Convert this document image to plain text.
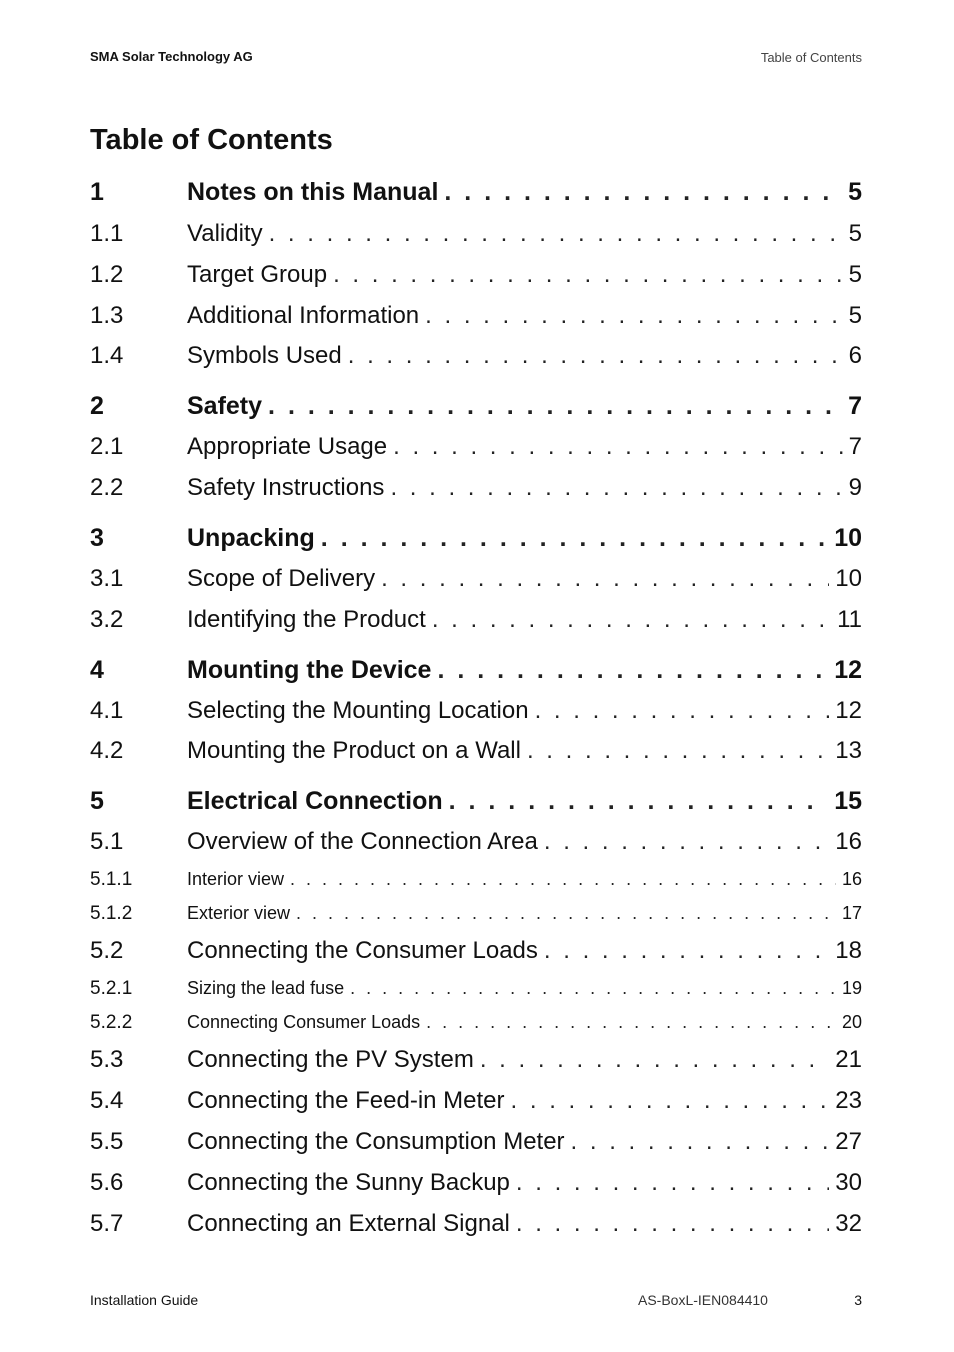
SMA Solar Technology AG	Table of Contents
Table of Contents
1	Notes on this Manual . . .	5
1.1	Validity . . .	5
1.2	Target Group . . .	5
1.3	Additional Information . . .	5
1.4	Symbols Used . . .	6
2	Safety . . .	7
2.1	Appropriate Usage . . .	7
2.2	Safety Instructions . . .	9
3	Unpacking . . .	10
3.1	Scope of Delivery . . .	10
3.2	Identifying the Product . . .	11
4	Mounting the Device . . .	12
4.1	Selecting the Mounting Location . . .	12
4.2	Mounting the Product on a Wall . . .	13
5	Electrical Connection . . .	15
5.1	Overview of the Connection Area . . .	16
5.1.1	Interior view . . .	16
5.1.2	Exterior view . . .	17
5.2	Connecting the Consumer Loads . . .	18
5.2.1	Sizing the lead fuse . . .	19
5.2.2	Connecting Consumer Loads . . .	20
5.3	Connecting the PV System . . .	21
5.4	Connecting the Feed-in Meter . . .	23
5.5	Connecting the Consumption Meter . . .	27
5.6	Connecting the Sunny Backup . . .	30
5.7	Connecting an External Signal . . .	32
Installation Guide	AS-BoxL-IEN084410	3
